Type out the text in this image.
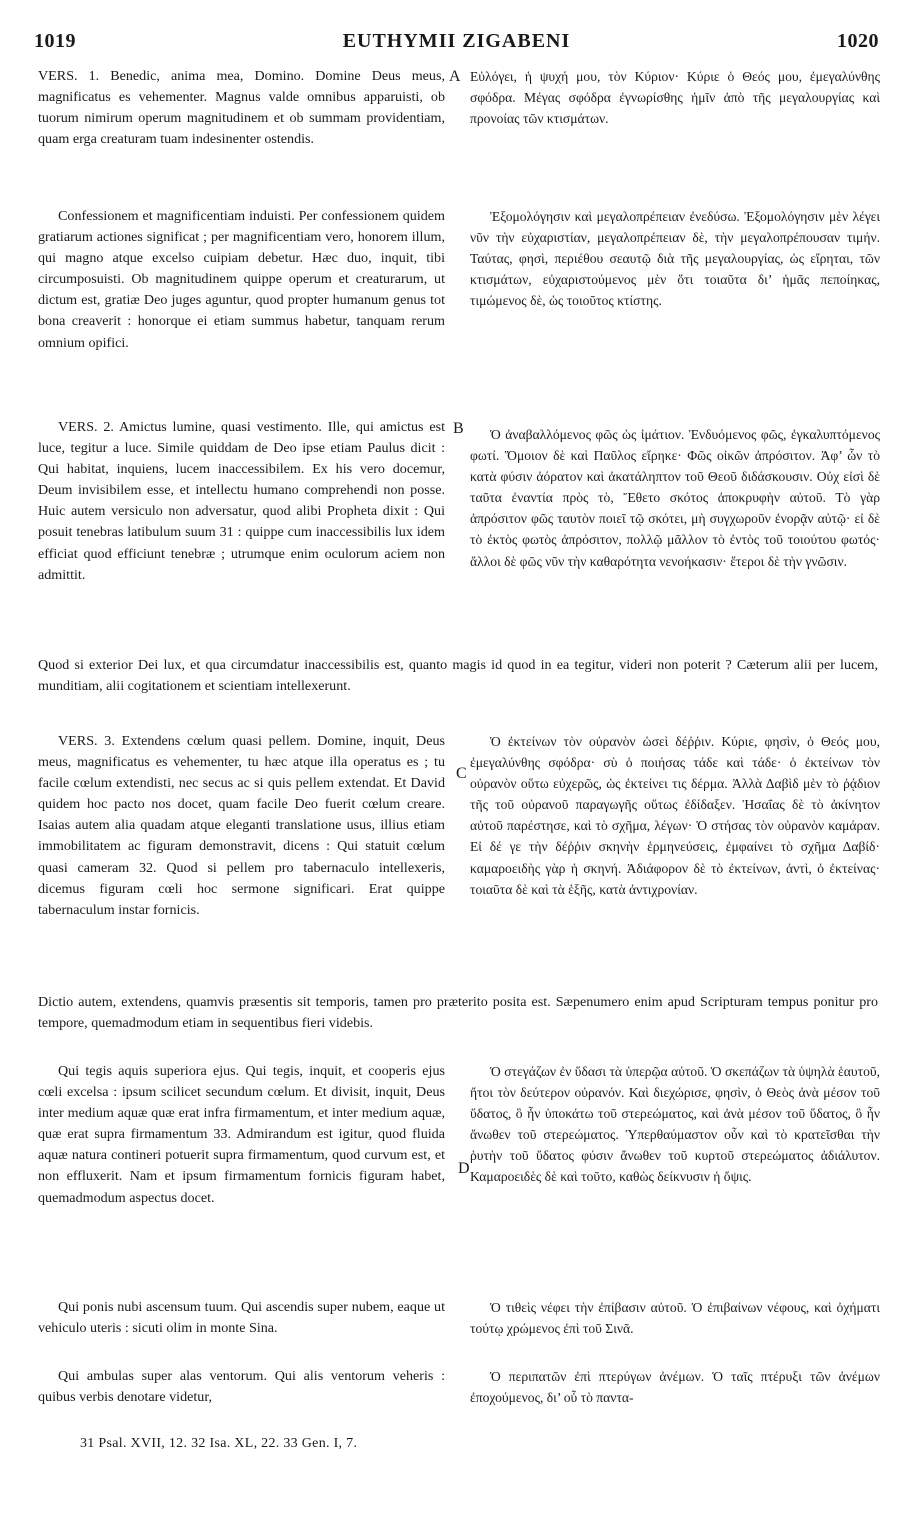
1019	EUTHYMII ZIGABENI	1020
A
B
C
D

VERS. 1. Benedic, anima mea, Domino. Domine Deus meus, magnificatus es vehementer. Magnus valde omnibus apparuisti, ob tuorum nimirum operum magnitudinem et ob summam providentiam, quam erga creaturam tuam indesinenter ostendis.

Confessionem et magnificentiam induisti. Per confessionem quidem gratiarum actiones significat ; per magnificentiam vero, honorem illum, qui magno atque excelso cuipiam debetur. Hæc duo, inquit, tibi circumposuisti. Ob magnitudinem quippe operum et creaturarum, ut dictum est, gratiæ Deo juges aguntur, quod propter humanum genus tot bona creaverit : honorque ei etiam summus habetur, tanquam rerum omnium opifici.

VERS. 2. Amictus lumine, quasi vestimento. Ille, qui amictus est luce, tegitur a luce. Simile quiddam de Deo ipse etiam Paulus dicit : Qui habitat, inquiens, lucem inaccessibilem. Ex his vero docemur, Deum invisibilem esse, et intellectu humano comprehendi non posse. Huic autem versiculo non adversatur, quod alibi Propheta dixit : Qui posuit tenebras latibulum suum 31 : quippe cum inaccessibilis lux idem efficiat quod efficiunt tenebræ ; utrumque enim oculorum aciem non admittit.

Quod si exterior Dei lux, et qua circumdatur inaccessibilis est, quanto magis id quod in ea tegitur, videri non poterit ? Cæterum alii per lucem, munditiam, alii cogitationem et scientiam intellexerunt.

VERS. 3. Extendens cœlum quasi pellem. Domine, inquit, Deus meus, magnificatus es vehementer, tu hæc atque illa operatus es ; tu facile cœlum extendisti, nec secus ac si quis pellem extendat. Et David quidem hoc pacto nos docet, quam facile Deo fuerit cœlum creare. Isaias autem alia quadam atque eleganti translatione usus, illius etiam immobilitatem ac figuram demonstravit, dicens : Qui statuit cœlum quasi cameram 32. Quod si pellem pro tabernaculo intellexeris, dicemus figuram cœli hoc sermone significari. Erat quippe tabernaculum instar fornicis.

Dictio autem, extendens, quamvis præsentis sit temporis, tamen pro præterito posita est. Sæpenumero enim apud Scripturam tempus ponitur pro tempore, quemadmodum etiam in sequentibus fieri videbis.

Qui tegis aquis superiora ejus. Qui tegis, inquit, et cooperis ejus cœli excelsa : ipsum scilicet secundum cœlum. Et divisit, inquit, Deus inter medium aquæ quæ erat infra firmamentum, et inter medium aquæ, quæ erat supra firmamentum 33. Admirandum est igitur, quod fluida aquæ natura contineri potuerit supra firmamentum, quod curvum est, et non effluxerit. Nam et ipsum firmamentum fornicis figuram habet, quemadmodum aspectus docet.

Qui ponis nubi ascensum tuum. Qui ascendis super nubem, eaque ut vehiculo uteris : sicuti olim in monte Sina.

Qui ambulas super alas ventorum. Qui alis ventorum veheris : quibus verbis denotare videtur,

Εὐλόγει, ἡ ψυχή μου, τὸν Κύριον· Κύριε ὁ Θεός μου, ἐμεγαλύνθης σφόδρα. Μέγας σφόδρα ἐγνωρίσθης ἡμῖν ἀπὸ τῆς μεγαλουργίας καὶ προνοίας τῶν κτισμάτων.

Ἐξομολόγησιν καὶ μεγαλοπρέπειαν ἐνεδύσω. Ἐξομολόγησιν μὲν λέγει νῦν τὴν εὐχαριστίαν, μεγαλοπρέπειαν δὲ, τὴν μεγαλοπρέπουσαν τιμήν. Ταύτας, φησὶ, περιέθου σεαυτῷ διὰ τῆς μεγαλουργίας, ὡς εἴρηται, τῶν κτισμάτων, εὐχαριστούμενος μὲν ὅτι τοιαῦτα δι’ ἡμᾶς πεποίηκας, τιμώμενος δὲ, ὡς τοιοῦτος κτίστης.

Ὁ ἀναβαλλόμενος φῶς ὡς ἱμάτιον. Ἐνδυόμενος φῶς, ἐγκαλυπτόμενος φωτί. Ὅμοιον δὲ καὶ Παῦλος εἴρηκε· Φῶς οἰκῶν ἀπρόσιτον. Ἀφ’ ὧν τὸ κατὰ φύσιν ἀόρατον καὶ ἀκατάληπτον τοῦ Θεοῦ διδάσκουσιν. Οὐχ εἰσὶ δὲ ταῦτα ἐναντία πρὸς τὸ, Ἔθετο σκότος ἀποκρυφὴν αὐτοῦ. Τὸ γὰρ ἀπρόσιτον φῶς ταυτὸν ποιεῖ τῷ σκότει, μὴ συγχωροῦν ἐνορᾷν αὐτῷ· εἰ δὲ τὸ ἐκτὸς φωτὸς ἀπρόσιτον, πολλῷ μᾶλλον τὸ ἐντὸς τοῦ τοιούτου φωτός· ἄλλοι δὲ φῶς νῦν τὴν καθαρότητα νενοήκασιν· ἕτεροι δὲ τὴν γνῶσιν.

Ὁ ἐκτείνων τὸν οὐρανὸν ὡσεὶ δέῤῥιν. Κύριε, φησὶν, ὁ Θεός μου, ἐμεγαλύνθης σφόδρα· σὺ ὁ ποιήσας τάδε καὶ τάδε· ὁ ἐκτείνων τὸν οὐρανὸν οὕτω εὐχερῶς, ὡς ἐκτείνει τις δέρμα. Ἀλλὰ Δαβὶδ μὲν τὸ ῥᾴδιον τῆς τοῦ οὐρανοῦ παραγωγῆς οὕτως ἐδίδαξεν. Ἡσαΐας δὲ τὸ ἀκίνητον αὐτοῦ παρέστησε, καὶ τὸ σχῆμα, λέγων· Ὁ στήσας τὸν οὐρανὸν καμάραν. Εἰ δέ γε τὴν δέῤῥιν σκηνὴν ἑρμηνεύσεις, ἐμφαίνει τὸ σχῆμα Δαβίδ· καμαροειδὴς γὰρ ἡ σκηνή. Ἀδιάφορον δὲ τὸ ἐκτείνων, ἀντὶ, ὁ ἐκτείνας· τοιαῦτα δὲ καὶ τὰ ἑξῆς, κατὰ ἀντιχρονίαν.

Ὁ στεγάζων ἐν ὕδασι τὰ ὑπερῷα αὐτοῦ. Ὁ σκεπάζων τὰ ὑψηλὰ ἑαυτοῦ, ἤτοι τὸν δεύτερον οὐρανόν. Καὶ διεχώρισε, φησὶν, ὁ Θεὸς ἀνὰ μέσον τοῦ ὕδατος, ὃ ἦν ὑποκάτω τοῦ στερεώματος, καὶ ἀνὰ μέσον τοῦ ὕδατος, ὃ ἦν ἄνωθεν τοῦ στερεώματος. Ὑπερθαύμαστον οὖν καὶ τὸ κρατεῖσθαι τὴν ῥυτὴν τοῦ ὕδατος φύσιν ἄνωθεν τοῦ κυρτοῦ στερεώματος ἀδιάλυτον. Καμαροειδὲς δὲ καὶ τοῦτο, καθὼς δείκνυσιν ἡ ὄψις.

Ὁ τιθεὶς νέφει τὴν ἐπίβασιν αὐτοῦ. Ὁ ἐπιβαίνων νέφους, καὶ ὀχήματι τούτῳ χρώμενος ἐπὶ τοῦ Σινᾶ.

Ὁ περιπατῶν ἐπὶ πτερύγων ἀνέμων. Ὁ ταῖς πτέρυξι τῶν ἀνέμων ἐποχούμενος, δι’ οὗ τὸ παντα-

31 Psal. XVII, 12. 32 Isa. XL, 22. 33 Gen. I, 7.
